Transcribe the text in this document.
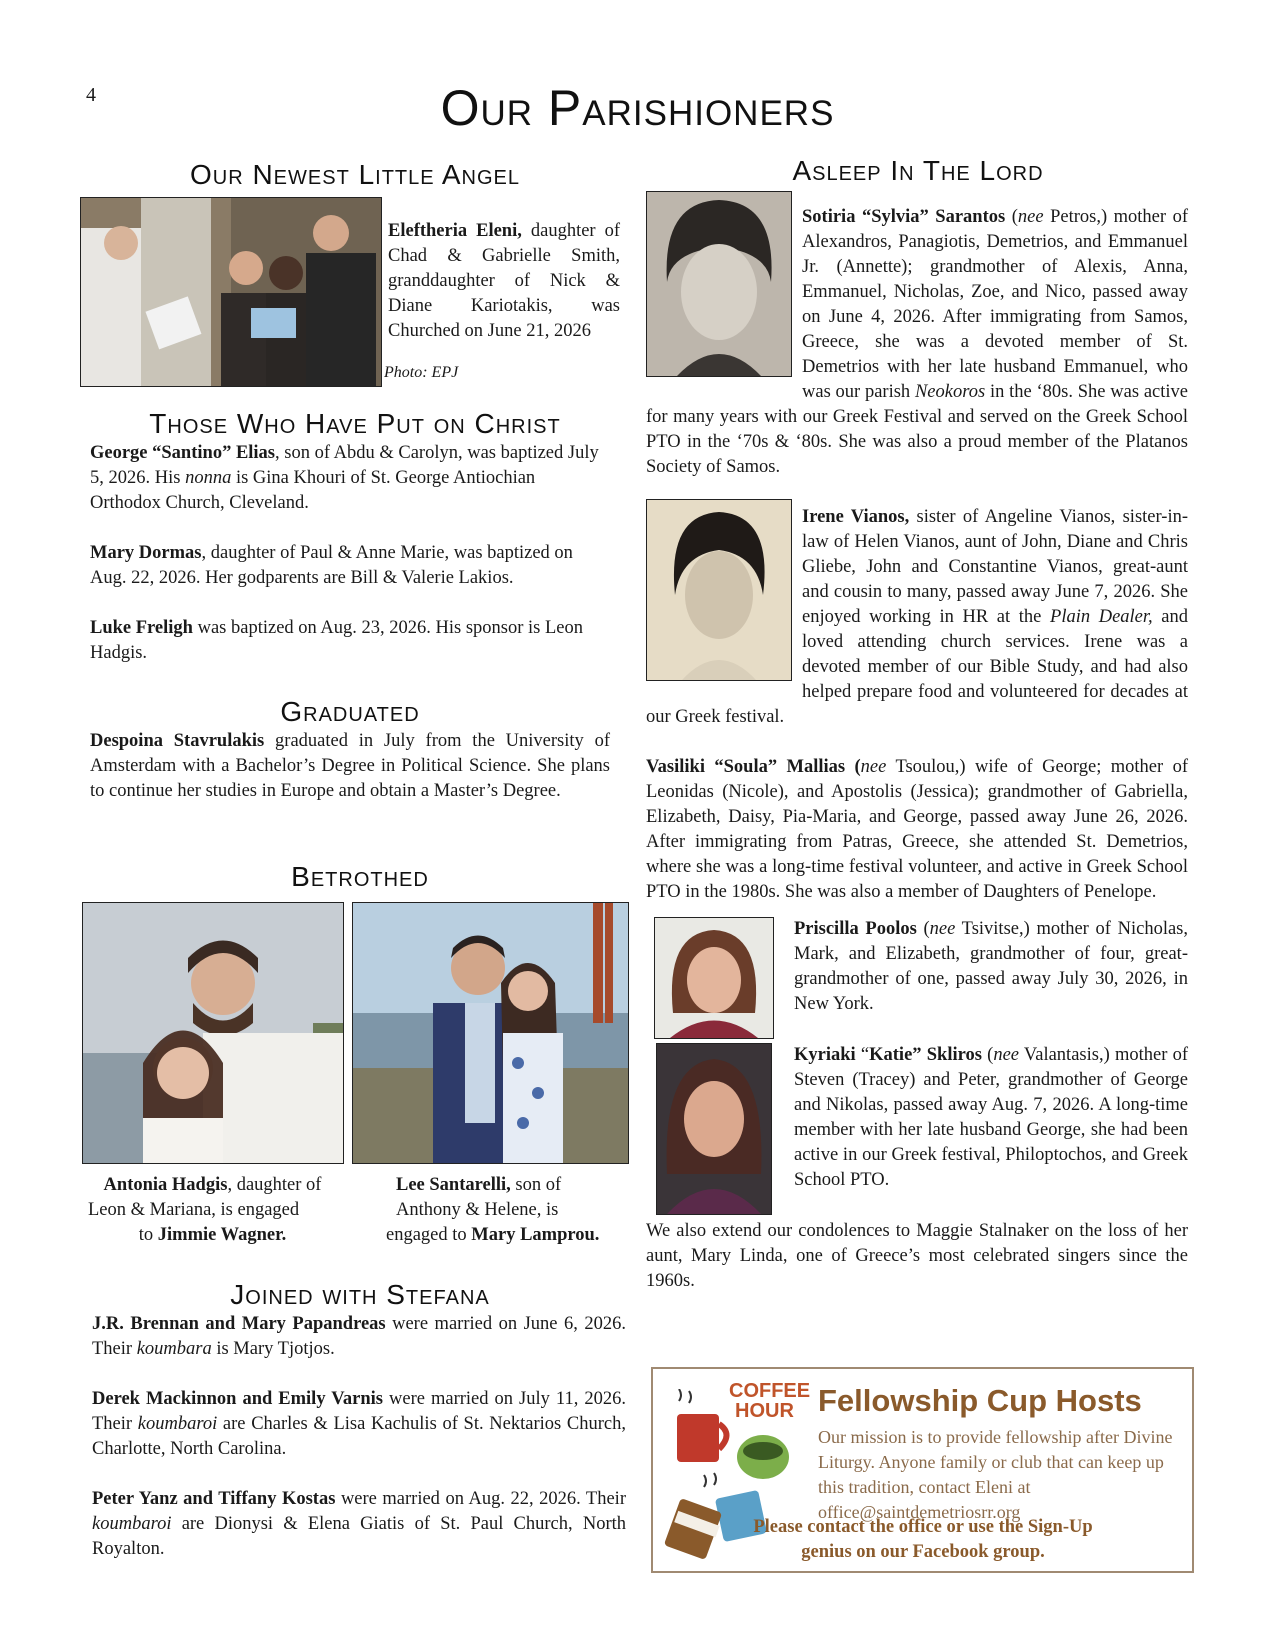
4	Our Parishioners
Our Newest Little Angel
Eleftheria Eleni, daughter of Chad & Gabrielle Smith, granddaughter of Nick & Diane Kariotakis, was Churched on June 21, 2026
Photo: EPJ
Those Who Have Put on Christ

George “Santino” Elias, son of Abdu & Carolyn, was baptized July 5, 2026. His nonna is Gina Khouri of St. George Antiochian Orthodox Church, Cleveland.

Mary Dormas, daughter of Paul & Anne Marie, was baptized on Aug. 22, 2026. Her godparents are Bill & Valerie Lakios.

Luke Freligh was baptized on Aug. 23, 2026. His sponsor is Leon Hadgis.

Graduated
Despoina Stavrulakis graduated in July from the University of Amsterdam with a Bachelor’s Degree in Political Science. She plans to continue her studies in Europe and obtain a Master’s Degree.
Betrothed
Antonia Hadgis, daughter of
Leon & Mariana, is engaged
to Jimmie Wagner.
Lee Santarelli, son of
Anthony & Helene, is
engaged to Mary Lamprou.
Joined with Stefana

J.R. Brennan and Mary Papandreas were married on June 6, 2026. Their koumbara is Mary Tjotjos.

Derek Mackinnon and Emily Varnis were married on July 11, 2026. Their koumbaroi are Charles & Lisa Kachulis of St. Nektarios Church, Charlotte, North Carolina.

Peter Yanz and Tiffany Kostas were married on Aug. 22, 2026. Their koumbaroi are Dionysi & Elena Giatis of St. Paul Church, North Royalton.

Asleep In The Lord
Sotiria “Sylvia” Sarantos (nee Petros,) mother of Alexandros, Panagiotis, Demetrios, and Emmanuel Jr. (Annette); grandmother of Alexis, Anna, Emmanuel, Nicholas, Zoe, and Nico, passed away on June 4, 2026. After immigrating from Samos, Greece, she was a devoted member of St. Demetrios with her late husband Emmanuel, who was our parish Neokoros in the ‘80s. She was active for many years with our Greek Festival and served on the Greek School PTO in the ‘70s & ‘80s. She was also a proud member of the Platanos Society of Samos.
Irene Vianos, sister of Angeline Vianos, sister-in-law of Helen Vianos, aunt of John, Diane and Chris Gliebe, John and Constantine Vianos, great-aunt and cousin to many, passed away June 7, 2026. She enjoyed working in HR at the Plain Dealer, and loved attending church services. Irene was a devoted member of our Bible Study, and had also helped prepare food and volunteered for decades at our Greek festival.
Vasiliki “Soula” Mallias (nee Tsoulou,) wife of George; mother of Leonidas (Nicole), and Apostolis (Jessica); grandmother of Gabriella, Elizabeth, Daisy, Pia-Maria, and George, passed away June 26, 2026. After immigrating from Patras, Greece, she attended St. Demetrios, where she was a long-time festival volunteer, and active in Greek School PTO in the 1980s. She was also a member of Daughters of Penelope.
Priscilla Poolos (nee Tsivitse,) mother of Nicholas, Mark, and Elizabeth, grandmother of four, great-grandmother of one, passed away July 30, 2026, in New York.
Kyriaki “Katie” Skliros (nee Valantasis,) mother of Steven (Tracey) and Peter, grandmother of George and Nikolas, passed away Aug. 7, 2026. A long-time member with her late husband George, she had been active in our Greek festival, Philoptochos, and Greek School PTO.
We also extend our condolences to Maggie Stalnaker on the loss of her aunt, Mary Linda, one of Greece’s most celebrated singers since the 1960s.
COFFEE
HOUR Fellowship Cup Hosts
Our mission is to provide fellowship after Divine Liturgy. Anyone family or club that can keep up this tradition, contact Eleni at office@saintdemetriosrr.org
Please contact the office or use the Sign-Up genius on our Facebook group.
